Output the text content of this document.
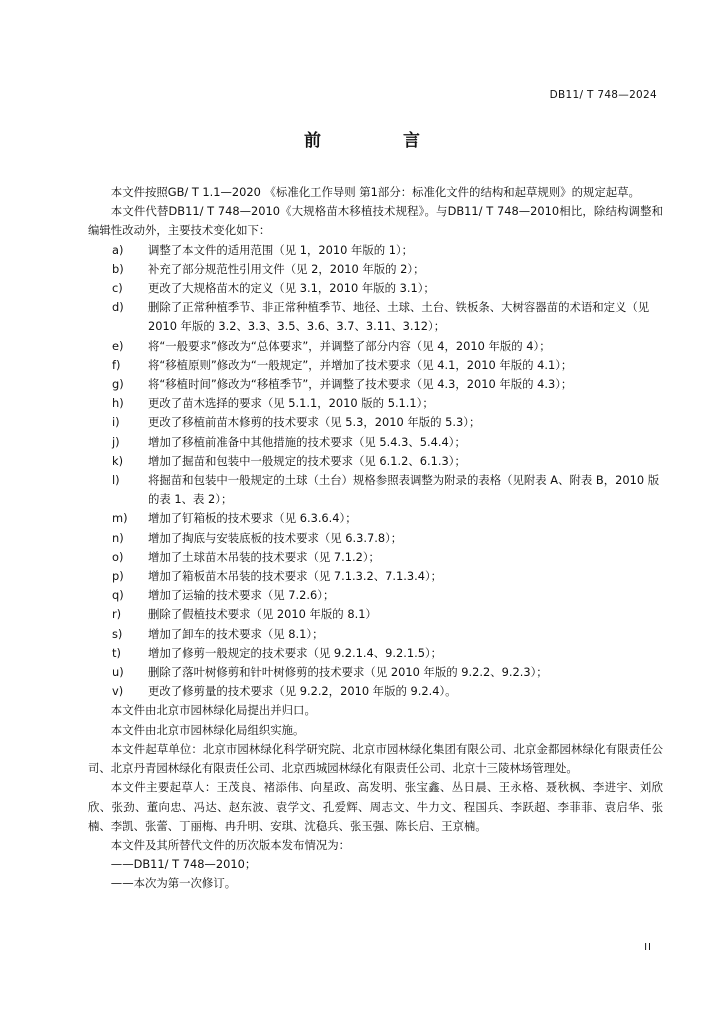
DB11/ T 748—2024
前 言

本文件按照GB/ T 1.1—2020 《标准化工作导则 第1部分：标准化文件的结构和起草规则》的规定起草。

本文件代替DB11/ T 748—2010《大规格苗木移植技术规程》。与DB11/ T 748—2010相比，除结构调整和编辑性改动外，主要技术变化如下：

a)	调整了本文件的适用范围（见 1，2010 年版的 1）；
b)	补充了部分规范性引用文件（见 2，2010 年版的 2）；
c)	更改了大规格苗木的定义（见 3.1，2010 年版的 3.1）；
d)	删除了正常种植季节、非正常种植季节、地径、土球、土台、铁板条、大树容器苗的术语和定义（见 2010 年版的 3.2、3.3、3.5、3.6、3.7、3.11、3.12）；
e)	将“一般要求”修改为“总体要求”，并调整了部分内容（见 4，2010 年版的 4）；
f)	将“移植原则”修改为“一般规定”，并增加了技术要求（见 4.1，2010 年版的 4.1）；
g)	将“移植时间”修改为“移植季节”，并调整了技术要求（见 4.3，2010 年版的 4.3）；
h)	更改了苗木选择的要求（见 5.1.1，2010 版的 5.1.1）；
i)	更改了移植前苗木修剪的技术要求（见 5.3，2010 年版的 5.3）；
j)	增加了移植前准备中其他措施的技术要求（见 5.4.3、5.4.4）；
k)	增加了掘苗和包装中一般规定的技术要求（见 6.1.2、6.1.3）；
l)	将掘苗和包装中一般规定的土球（土台）规格参照表调整为附录的表格（见附表 A、附表 B，2010 版的表 1、表 2）；
m)	增加了钉箱板的技术要求（见 6.3.6.4）；
n)	增加了掏底与安装底板的技术要求（见 6.3.7.8）；
o)	增加了土球苗木吊装的技术要求（见 7.1.2）；
p)	增加了箱板苗木吊装的技术要求（见 7.1.3.2、7.1.3.4）；
q)	增加了运输的技术要求（见 7.2.6）；
r)	删除了假植技术要求（见 2010 年版的 8.1）
s)	增加了卸车的技术要求（见 8.1）；
t)	增加了修剪一般规定的技术要求（见 9.2.1.4、9.2.1.5）；
u)	删除了落叶树修剪和针叶树修剪的技术要求（见 2010 年版的 9.2.2、9.2.3）；
v)	更改了修剪量的技术要求（见 9.2.2，2010 年版的 9.2.4）。

本文件由北京市园林绿化局提出并归口。

本文件由北京市园林绿化局组织实施。

本文件起草单位：北京市园林绿化科学研究院、北京市园林绿化集团有限公司、北京金都园林绿化有限责任公司、北京丹青园林绿化有限责任公司、北京西城园林绿化有限责任公司、北京十三陵林场管理处。

本文件主要起草人：王茂良、褚添伟、向星政、高发明、张宝鑫、丛日晨、王永格、聂秋枫、李进宇、刘欣欣、张劲、董向忠、冯达、赵东波、袁学文、孔爱辉、周志文、牛力文、程国兵、李跃超、李菲菲、袁启华、张楠、李凯、张蕾、丁丽梅、冉升明、安琪、沈稳兵、张玉强、陈长启、王京楠。

本文件及其所替代文件的历次版本发布情况为：

——DB11/ T 748—2010；

——本次为第一次修订。

II
